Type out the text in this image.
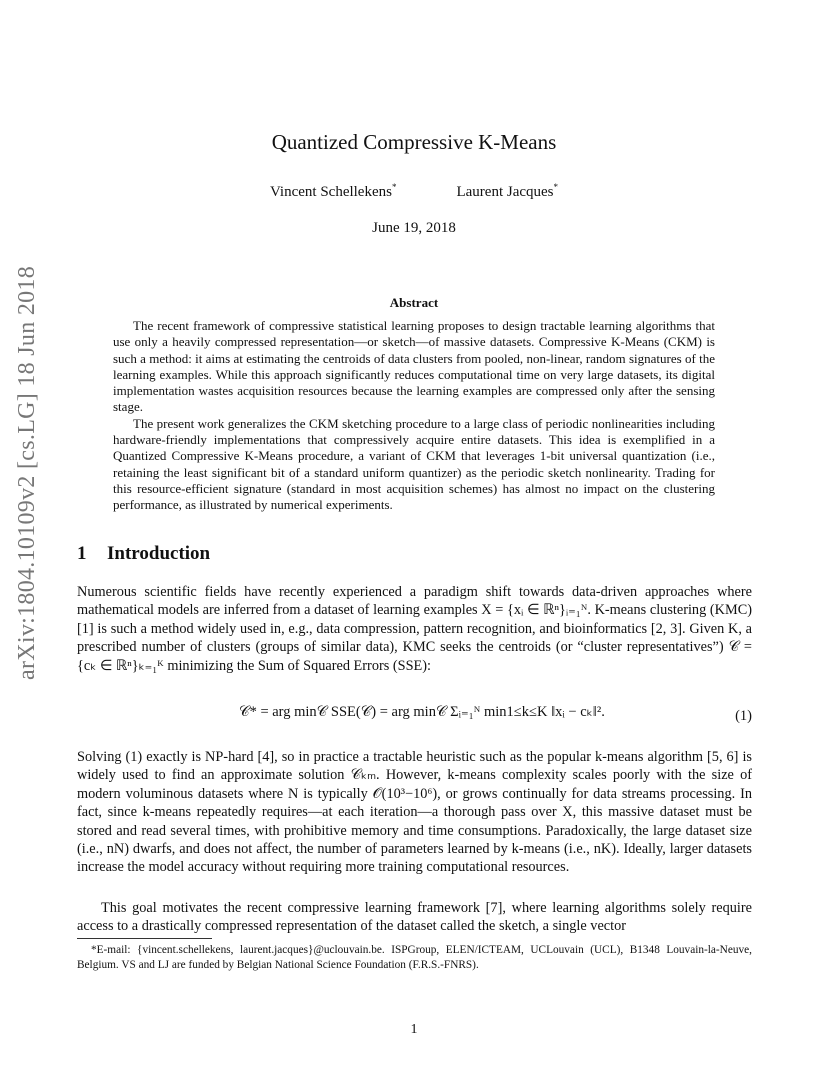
arXiv:1804.10109v2 [cs.LG] 18 Jun 2018
Quantized Compressive K-Means
Vincent Schellekens*	Laurent Jacques*
June 19, 2018
Abstract

The recent framework of compressive statistical learning proposes to design tractable learning algorithms that use only a heavily compressed representation—or sketch—of massive datasets. Compressive K-Means (CKM) is such a method: it aims at estimating the centroids of data clusters from pooled, non-linear, random signatures of the learning examples. While this approach significantly reduces computational time on very large datasets, its digital implementation wastes acquisition resources because the learning examples are compressed only after the sensing stage.

The present work generalizes the CKM sketching procedure to a large class of periodic nonlinearities including hardware-friendly implementations that compressively acquire entire datasets. This idea is exemplified in a Quantized Compressive K-Means procedure, a variant of CKM that leverages 1-bit universal quantization (i.e., retaining the least significant bit of a standard uniform quantizer) as the periodic sketch nonlinearity. Trading for this resource-efficient signature (standard in most acquisition schemes) has almost no impact on the clustering performance, as illustrated by numerical experiments.

1 Introduction

Numerous scientific fields have recently experienced a paradigm shift towards data-driven approaches where mathematical models are inferred from a dataset of learning examples X = {xᵢ ∈ ℝⁿ}ᵢ₌₁ᴺ. K-means clustering (KMC) [1] is such a method widely used in, e.g., data compression, pattern recognition, and bioinformatics [2, 3]. Given K, a prescribed number of clusters (groups of similar data), KMC seeks the centroids (or “cluster representatives”) 𝒞 = {cₖ ∈ ℝⁿ}ₖ₌₁ᴷ minimizing the Sum of Squared Errors (SSE):

𝒞* = arg min𝒞 SSE(𝒞) = arg min𝒞 Σᵢ₌₁ᴺ min1≤k≤K ‖xᵢ − cₖ‖².	(1)

Solving (1) exactly is NP-hard [4], so in practice a tractable heuristic such as the popular k-means algorithm [5, 6] is widely used to find an approximate solution 𝒞ₖₘ. However, k-means complexity scales poorly with the size of modern voluminous datasets where N is typically 𝒪(10³−10⁶), or grows continually for data streams processing. In fact, since k-means repeatedly requires—at each iteration—a thorough pass over X, this massive dataset must be stored and read several times, with prohibitive memory and time consumptions. Paradoxically, the large dataset size (i.e., nN) dwarfs, and does not affect, the number of parameters learned by k-means (i.e., nK). Ideally, larger datasets increase the model accuracy without requiring more training computational resources.

This goal motivates the recent compressive learning framework [7], where learning algorithms solely require access to a drastically compressed representation of the dataset called the sketch, a single vector

*E-mail: {vincent.schellekens, laurent.jacques}@uclouvain.be. ISPGroup, ELEN/ICTEAM, UCLouvain (UCL), B1348 Louvain-la-Neuve, Belgium. VS and LJ are funded by Belgian National Science Foundation (F.R.S.-FNRS).

1
